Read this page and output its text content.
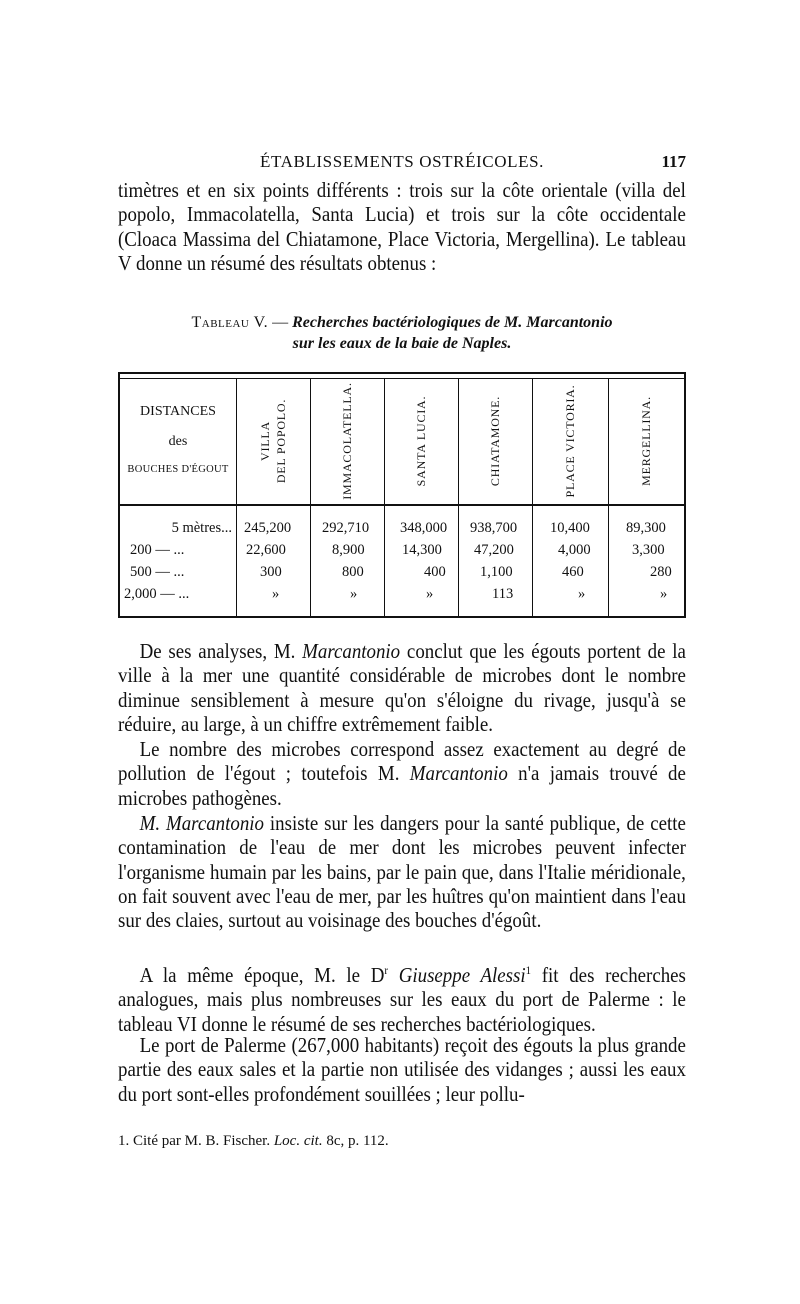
ÉTABLISSEMENTS OSTRÉICOLES.	117

timètres et en six points différents : trois sur la côte orientale (villa del popolo, Immacolatella, Santa Lucia) et trois sur la côte occidentale (Cloaca Massima del Chiatamone, Place Victoria, Mergellina). Le tableau V donne un résumé des résultats obtenus :

Tableau V. — Recherches bactériologiques de M. Marcantonio
sur les eaux de la baie de Naples.
DISTANCES
des
BOUCHES D'ÉGOUT
VILLA DEL POPOLO.	IMMACOLATELLA.	SANTA LUCIA.	CHIATAMONE.	PLACE VICTORIA.	MERGELLINA.
5 mètres... 245,200 292,710 348,000 938,700 10,400 89,300
200 — ...	22,600	8,900	14,300 47,200	4,000	3,300
500 — ...	300	800	400 1,100	460	280
2,000 — ...	»	»	»	113	»	»

De ses analyses, M. Marcantonio conclut que les égouts portent de la ville à la mer une quantité considérable de microbes dont le nombre diminue sensiblement à mesure qu'on s'éloigne du rivage, jusqu'à se réduire, au large, à un chiffre extrêmement faible.

Le nombre des microbes correspond assez exactement au degré de pollution de l'égout ; toutefois M. Marcantonio n'a jamais trouvé de microbes pathogènes.

M. Marcantonio insiste sur les dangers pour la santé publique, de cette contamination de l'eau de mer dont les microbes peuvent infecter l'organisme humain par les bains, par le pain que, dans l'Italie méridionale, on fait souvent avec l'eau de mer, par les huîtres qu'on maintient dans l'eau sur des claies, surtout au voisinage des bouches d'égoût.

A la même époque, M. le $D^r$ Giuseppe Alessi$^1$ fit des recherches analogues, mais plus nombreuses sur les eaux du port de Palerme : le tableau VI donne le résumé de ses recherches bactériologiques.

Le port de Palerme (267,000 habitants) reçoit des égouts la plus grande partie des eaux sales et la partie non utilisée des vidanges ; aussi les eaux du port sont-elles profondément souillées ; leur pollu-

1. Cité par M. B. Fischer. Loc. cit. 8c, p. 112.
